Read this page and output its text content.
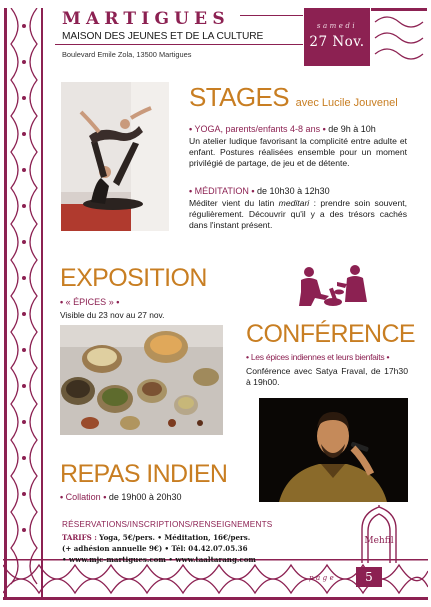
MARTIGUES
MAISON DES JEUNES ET DE LA CULTURE
Boulevard Emile Zola, 13500 Martigues
samedi
27 Nov.
STAGES avec Lucile Jouvenel
• YOGA, parents/enfants 4-8 ans • de 9h à 10h
Un atelier ludique favorisant la complicité entre adulte et enfant. Postures réalisées ensemble pour un moment privilégié de partage, de jeu et de détente.
• MÉDITATION • de 10h30 à 12h30
Méditer vient du latin meditari : prendre soin souvent, régulièrement. Découvrir qu'il y a des trésors cachés dans l'instant présent.
EXPOSITION
• « ÉPICES » •
Visible du 23 nov au 27 nov.
CONFÉRENCE
• Les épices indiennes et leurs bienfaits •
Conférence avec Satya Fraval, de 17h30 à 19h00.
REPAS INDIEN
• Collation • de 19h00 à 20h30
RÉSERVATIONS/INSCRIPTIONS/RENSEIGNEMENTS
TARIFS : Yoga, 5€/pers. • Méditation, 16€/pers.
(+ adhésion annuelle 9€) • Tél: 04.42.07.05.36
• www.mjc-martigues.com • www.taaltarang.com
Mehfil
page	5
